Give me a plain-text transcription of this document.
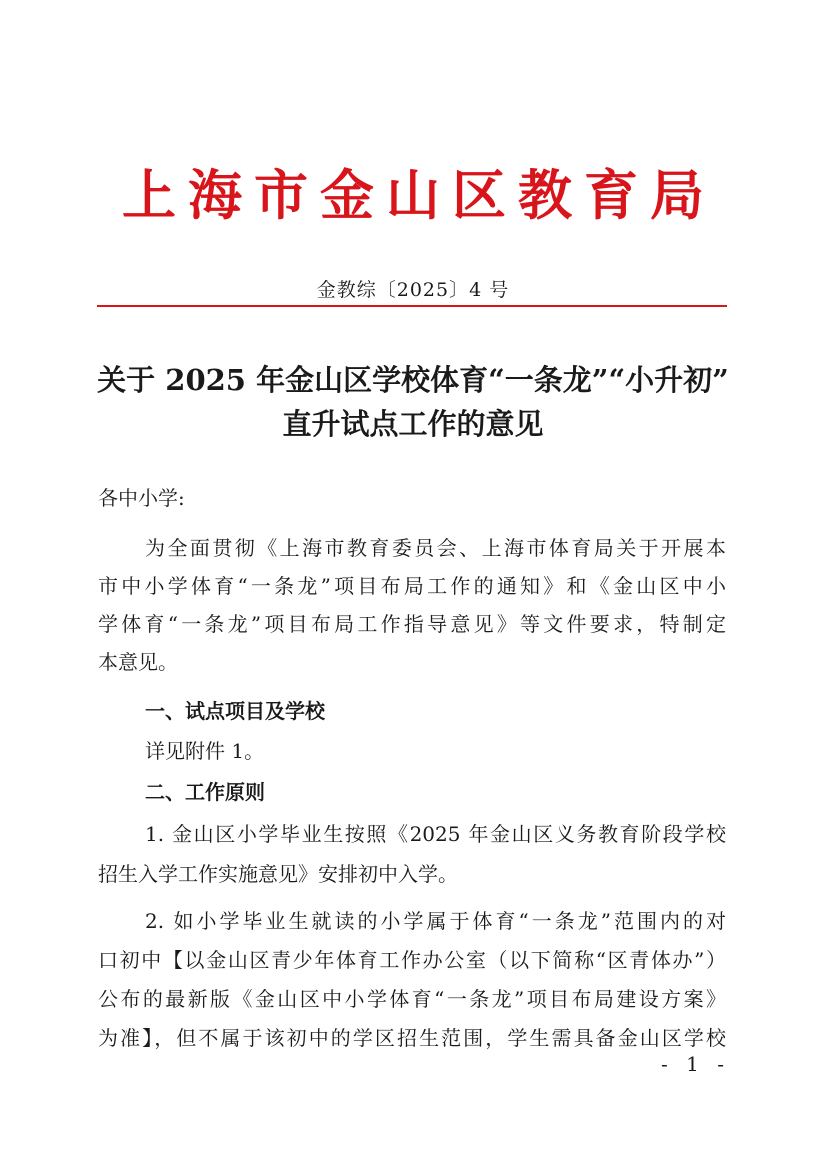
上海市金山区教育局
金教综〔2025〕4 号
关于 2025 年金山区学校体育“一条龙”“小升初”
直升试点工作的意见
各中小学:
为全面贯彻《上海市教育委员会、上海市体育局关于开展本
市中小学体育“一条龙”项目布局工作的通知》和《金山区中小
学体育“一条龙”项目布局工作指导意见》等文件要求，特制定
本意见。
一、试点项目及学校
详见附件 1。
二、工作原则
1. 金山区小学毕业生按照《2025 年金山区义务教育阶段学校
招生入学工作实施意见》安排初中入学。
2. 如小学毕业生就读的小学属于体育“一条龙”范围内的对
口初中【以金山区青少年体育工作办公室（以下简称“区青体办”）
公布的最新版《金山区中小学体育“一条龙”项目布局建设方案》
为准】，但不属于该初中的学区招生范围，学生需具备金山区学校
- 1 -
